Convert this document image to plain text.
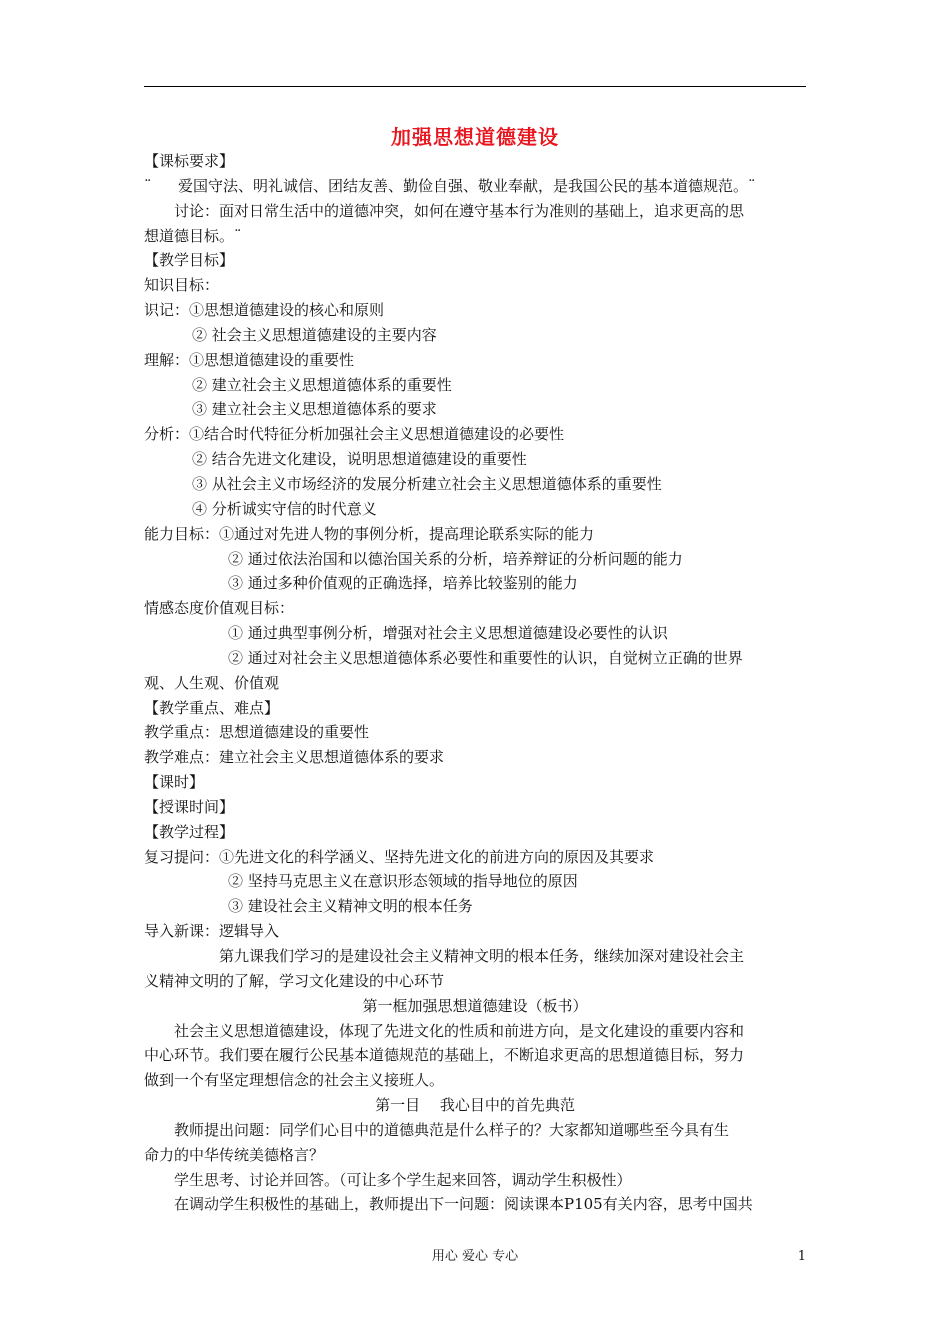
加强思想道德建设
【课标要求】
¨ 爱国守法、明礼诚信、团结友善、勤俭自强、敬业奉献，是我国公民的基本道德规范。¨
讨论：面对日常生活中的道德冲突，如何在遵守基本行为准则的基础上，追求更高的思
想道德目标。¨
【教学目标】
知识目标：
识记：①思想道德建设的核心和原则
② 社会主义思想道德建设的主要内容
理解：①思想道德建设的重要性
② 建立社会主义思想道德体系的重要性
③ 建立社会主义思想道德体系的要求
分析：①结合时代特征分析加强社会主义思想道德建设的必要性
② 结合先进文化建设，说明思想道德建设的重要性
③ 从社会主义市场经济的发展分析建立社会主义思想道德体系的重要性
④ 分析诚实守信的时代意义
能力目标：①通过对先进人物的事例分析，提高理论联系实际的能力
② 通过依法治国和以德治国关系的分析，培养辩证的分析问题的能力
③ 通过多种价值观的正确选择，培养比较鉴别的能力
情感态度价值观目标：
① 通过典型事例分析，增强对社会主义思想道德建设必要性的认识
② 通过对社会主义思想道德体系必要性和重要性的认识，自觉树立正确的世界
观、人生观、价值观
【教学重点、难点】
教学重点：思想道德建设的重要性
教学难点：建立社会主义思想道德体系的要求
【课时】
【授课时间】
【教学过程】
复习提问：①先进文化的科学涵义、坚持先进文化的前进方向的原因及其要求
② 坚持马克思主义在意识形态领域的指导地位的原因
③ 建设社会主义精神文明的根本任务
导入新课：逻辑导入
第九课我们学习的是建设社会主义精神文明的根本任务，继续加深对建设社会主
义精神文明的了解，学习文化建设的中心环节
第一框加强思想道德建设（板书）
社会主义思想道德建设，体现了先进文化的性质和前进方向，是文化建设的重要内容和
中心环节。我们要在履行公民基本道德规范的基础上，不断追求更高的思想道德目标，努力
做到一个有坚定理想信念的社会主义接班人。
第一目　 我心目中的首先典范
教师提出问题：同学们心目中的道德典范是什么样子的？大家都知道哪些至今具有生
命力的中华传统美德格言？
学生思考、讨论并回答。（可让多个学生起来回答，调动学生积极性）
在调动学生积极性的基础上，教师提出下一问题：阅读课本P105有关内容，思考中国共
用心 爱心 专心	1
